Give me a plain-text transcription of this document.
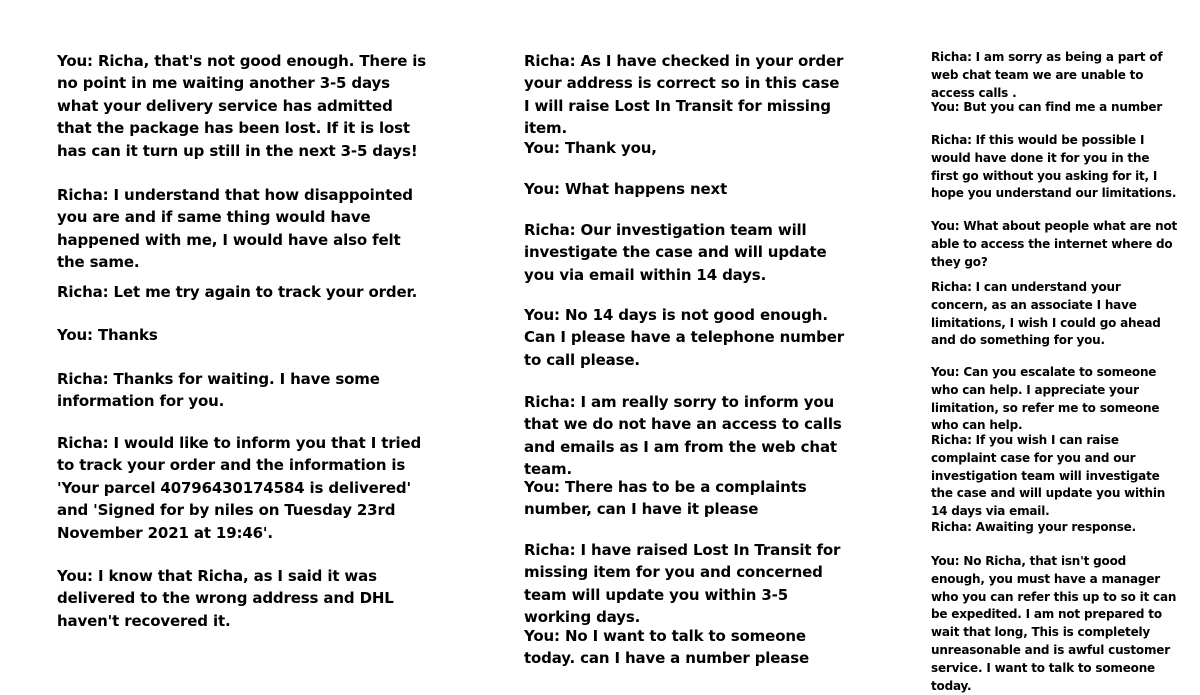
You: Richa, that's not good enough. There is no point in me waiting another 3-5 days what your delivery service has admitted that the package has been lost. If it is lost has can it turn up still in the next 3-5 days!

Richa: I understand that how disappointed you are and if same thing would have happened with me, I would have also felt the same.

Richa: Let me try again to track your order.

You: Thanks

Richa: Thanks for waiting. I have some information for you.

Richa: I would like to inform you that I tried to track your order and the information is 'Your parcel 40796430174584 is delivered' and 'Signed for by niles on Tuesday 23rd November 2021 at 19:46'.

You: I know that Richa, as I said it was delivered to the wrong address and DHL haven't recovered it.

Richa: As I have checked in your order your address is correct so in this case I will raise Lost In Transit for missing item.

You: Thank you,

You: What happens next

Richa: Our investigation team will investigate the case and will update you via email within 14 days.

You: No 14 days is not good enough. Can I please have a telephone number to call please.

Richa: I am really sorry to inform you that we do not have an access to calls and emails as I am from the web chat team.

You: There has to be a complaints number, can I have it please

Richa: I have raised Lost In Transit for missing item for you and concerned team will update you within 3-5 working days.

You: No I want to talk to someone today. can I have a number please

Richa: I am sorry as being a part of web chat team we are unable to access calls .

You: But you can find me a number

Richa: If this would be possible I would have done it for you in the first go without you asking for it, I hope you understand our limitations.

You: What about people what are not able to access the internet where do they go?

Richa: I can understand your concern, as an associate I have limitations, I wish I could go ahead and do something for you.

You: Can you escalate to someone who can help. I appreciate your limitation, so refer me to someone who can help.

Richa: If you wish I can raise complaint case for you and our investigation team will investigate the case and will update you within 14 days via email.

Richa: Awaiting your response.

You: No Richa, that isn't good enough, you must have a manager who you can refer this up to so it can be expedited. I am not prepared to wait that long, This is completely unreasonable and is awful customer service. I want to talk to someone today.
